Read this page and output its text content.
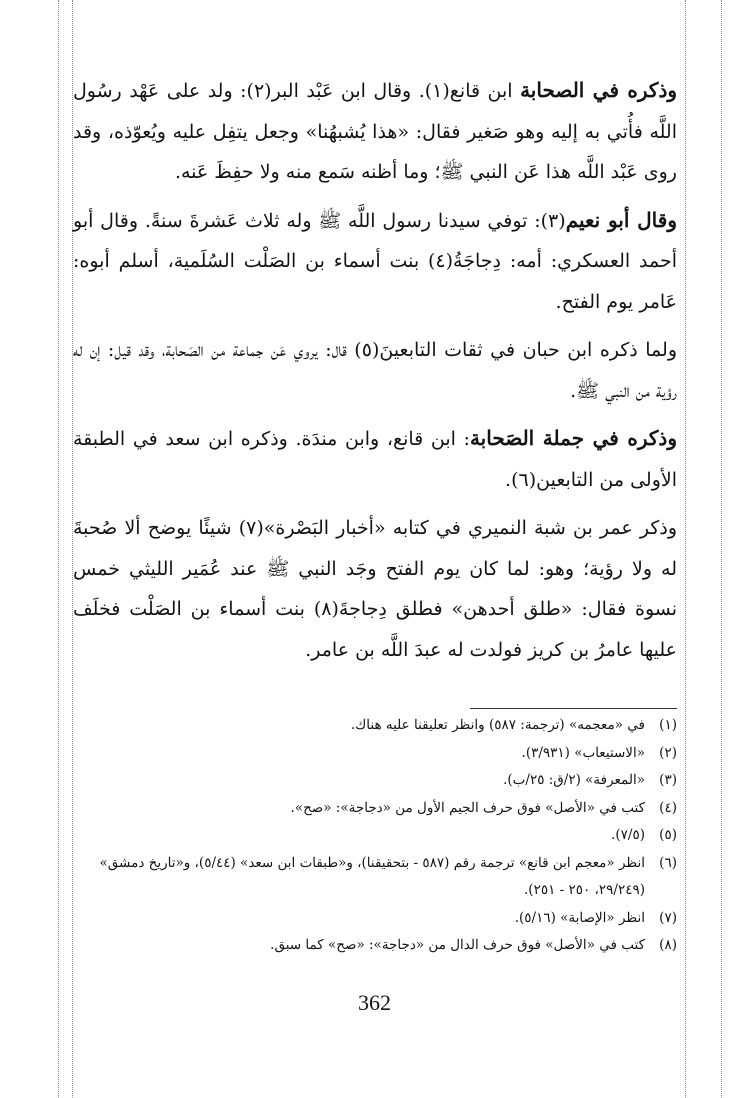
وذكره في الصحابة ابن قانع(١). وقال ابن عَبْد البر(٢): ولد على عَهْد رسُول اللَّه فأُتي به إليه وهو صَغير فقال: «هذا يُشبهُنا» وجعل يتفِل عليه ويُعوّذه، وقد روى عَبْد اللَّه هذا عَن النبي ﷺ؛ وما أظنه سَمع منه ولا حفِظَ عَنه.

وقال أبو نعيم(٣): توفي سيدنا رسول اللَّه ﷺ وله ثلاث عَشرةَ سنةً. وقال أبو أحمد العسكري: أمه: دِجاجَةُ(٤) بنت أسماء بن الصَلْت السُلَمية، أسلم أبوه: عَامر يوم الفتح.

ولما ذكره ابن حبان في ثقات التابعينَ(٥) قال: يروي عَن جماعة من الصَحابة، وقد قيل: إن له رؤية من النبي ﷺ.

وذكره في جملة الصَحابة: ابن قانع، وابن مندَة. وذكره ابن سعد في الطبقة الأولى من التابعين(٦).

وذكر عمر بن شبة النميري في كتابه «أخبار البَصْرة»(٧) شيئًا يوضح ألا صُحبةَ له ولا رؤية؛ وهو: لما كان يوم الفتح وجَد النبي ﷺ عند عُمَير الليثي خمس نسوة فقال: «طلق أحدهن» فطلق دِجاجةَ(٨) بنت أسماء بن الصَلْت فخلَف عليها عامرُ بن كريز فولدت له عبدَ اللَّه بن عامر.

(١)
في «معجمه» (ترجمة: ٥٨٧) وانظر تعليقنا عليه هناك.
(٢)
«الاستيعاب» (٣/٩٣١).
(٣)
«المعرفة» (٢/ق: ٢٥/ب).
(٤)
كتب في «الأصل» فوق حرف الجيم الأول من «دجاجة»: «صح».
(٥)
(٧/٥).
(٦)
انظر «معجم ابن قانع» ترجمة رقم (٥٨٧ - بتحقيقنا)، و«طبقات ابن سعد» (٥/٤٤)، و«تاريخ دمشق» (٢٩/٢٤٩، ٢٥٠ - ٢٥١).
(٧)
انظر «الإصابة» (٥/١٦).
(٨)
كتب في «الأصل» فوق حرف الدال من «دجاجة»: «صح» كما سبق.
362
